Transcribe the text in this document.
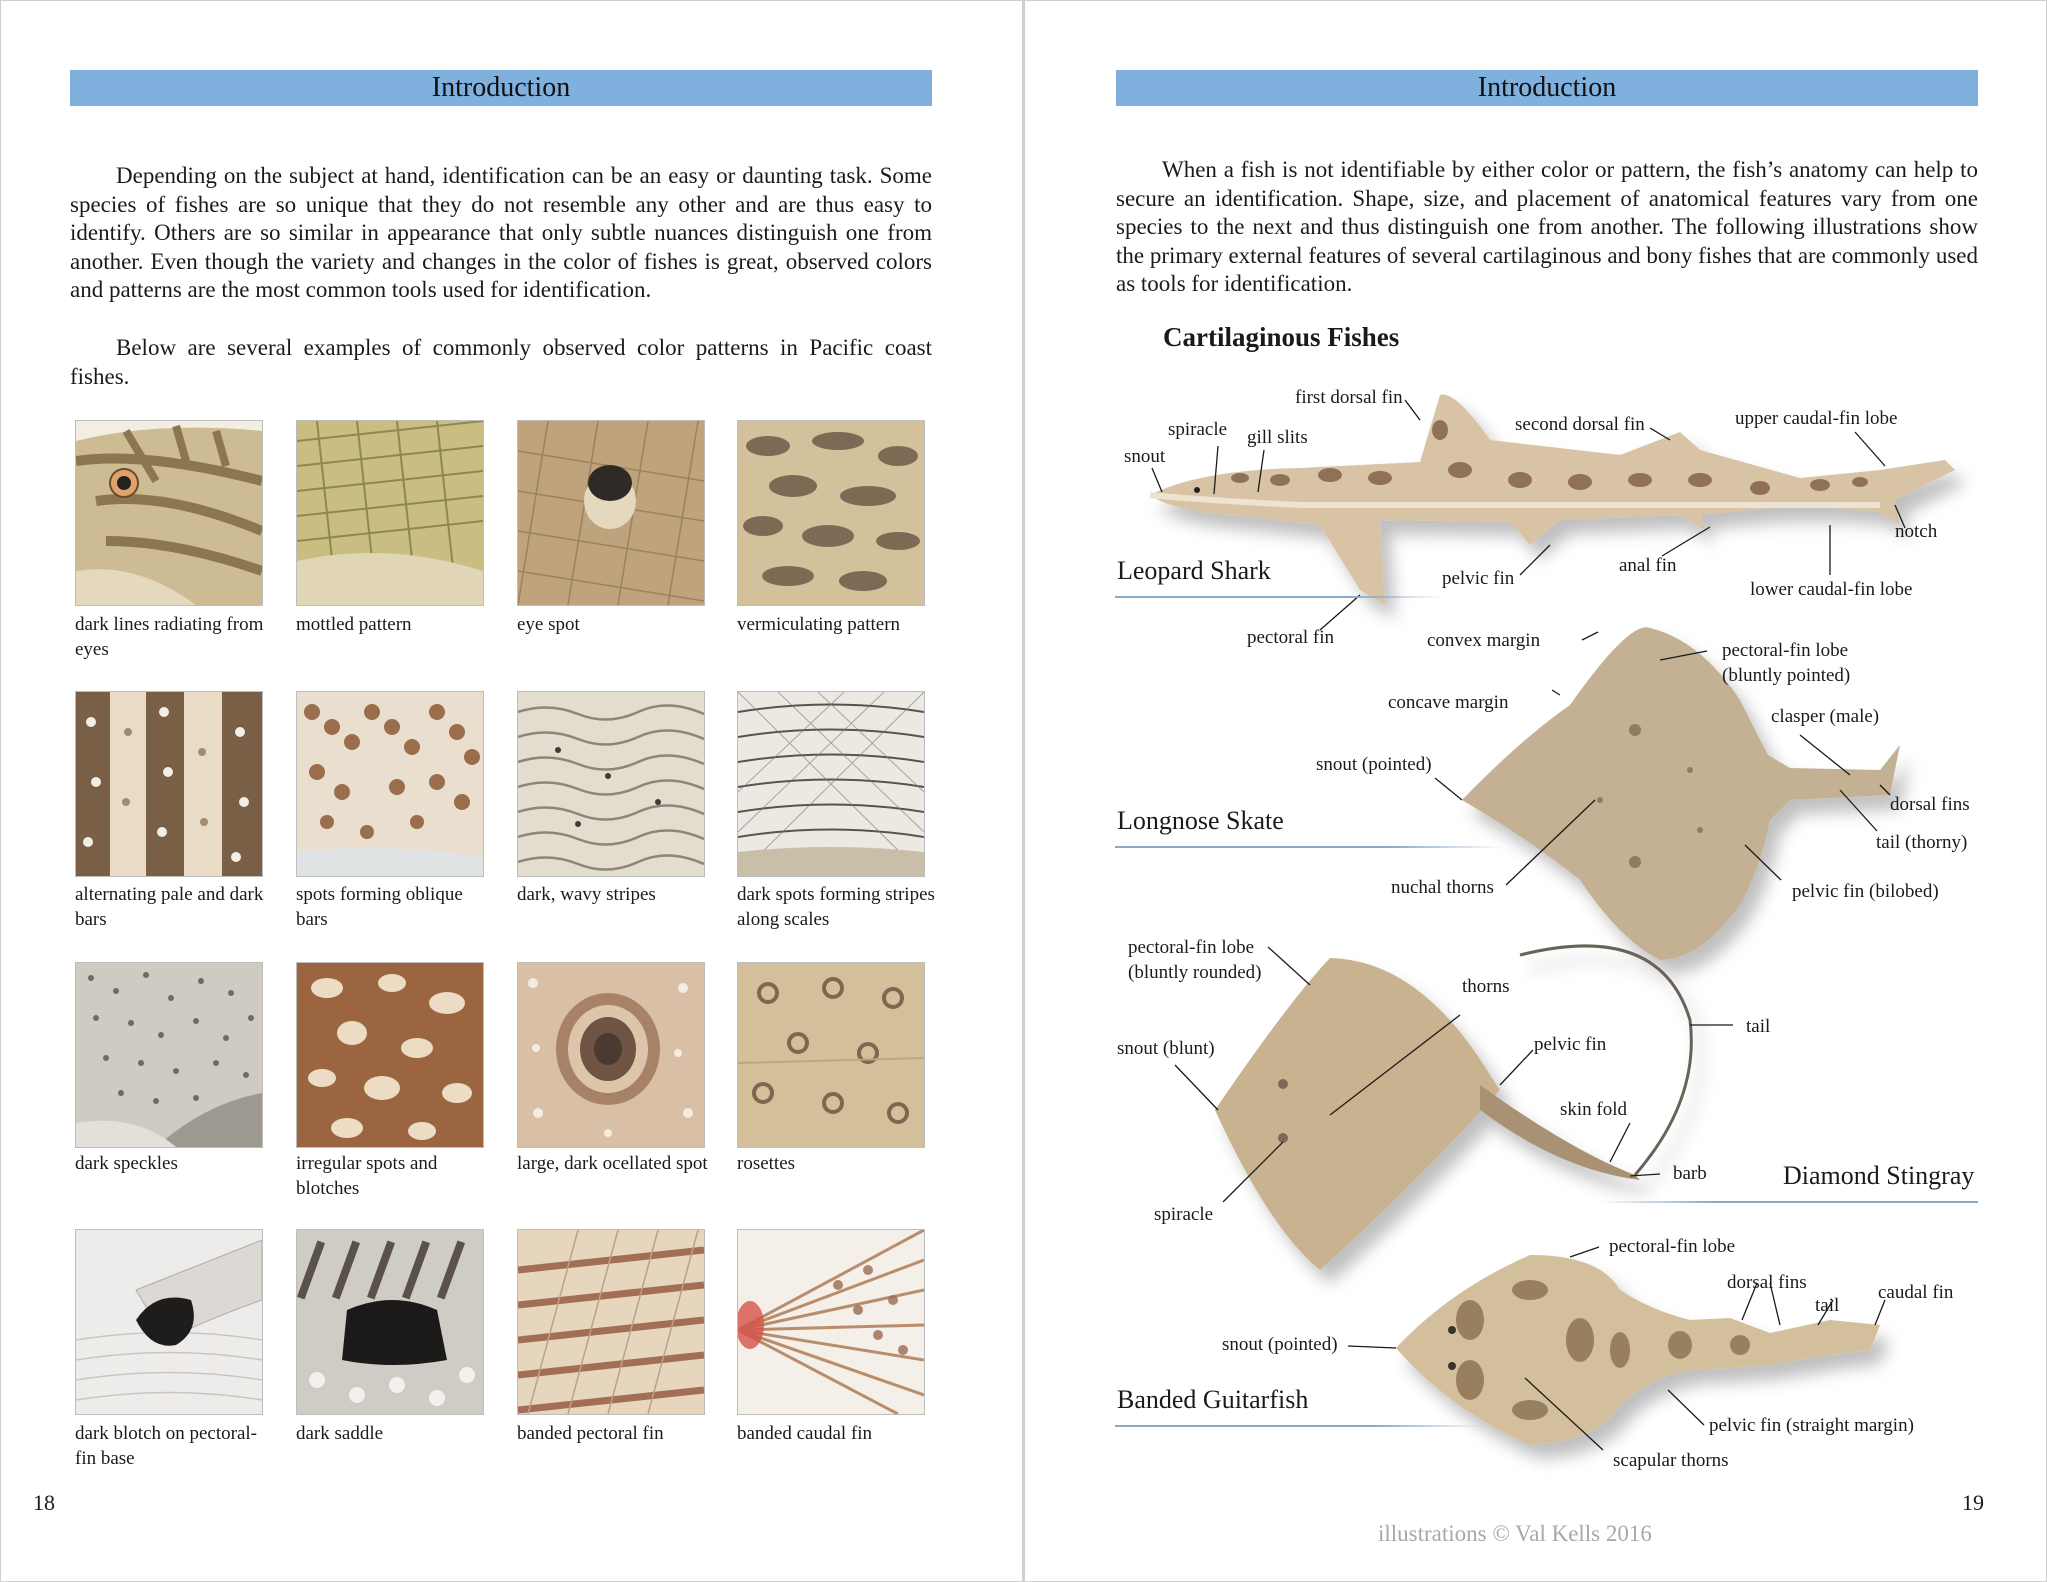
Introduction

Depending on the subject at hand, identification can be an easy or daunting task. Some species of fishes are so unique that they do not resemble any other and are thus easy to identify. Others are so similar in appearance that only subtle nuances distinguish one from another. Even though the variety and changes in the color of fishes is great, observed colors and patterns are the most common tools used for identification.

Below are several examples of commonly observed color patterns in Pacific coast fishes.

dark lines radiating from eyes
mottled pattern	eye spot	vermiculating pattern
alternating pale and dark bars
spots forming oblique bars
dark, wavy stripes	dark spots forming stripes along scales
dark speckles	irregular spots and blotches
large, dark ocellated spot	rosettes
dark blotch on pectoral-fin base
dark saddle	banded pectoral fin	banded caudal fin
18
Introduction

When a fish is not identifiable by either color or pattern, the fish’s anatomy can help to secure an identification. Shape, size, and placement of anatomical features vary from one species to the next and thus distinguish one from another. The following illustrations show the primary external features of several cartilaginous and bony fishes that are commonly used as tools for identification.

19
Cartilaginous Fishes
first dorsal fin
spiracle gill slits
snout
second dorsal fin	upper caudal-fin lobe
notch
pelvic fin
anal fin
lower caudal-fin lobe
pectoral fin
Leopard Shark
convex margin	pectoral-fin lobe
(bluntly pointed)
concave margin
clasper (male)
snout (pointed)
dorsal fins
tail (thorny)
nuchal thorns	pelvic fin (bilobed)
Longnose Skate
pectoral-fin lobe
(bluntly rounded)
thorns
tail
snout (blunt)	pelvic fin
skin fold
barb
spiracle
Diamond Stingray
pectoral-fin lobe
dorsal fins
tail
caudal fin
snout (pointed)
pelvic fin (straight margin)
scapular thorns
Banded Guitarfish
illustrations © Val Kells 2016
